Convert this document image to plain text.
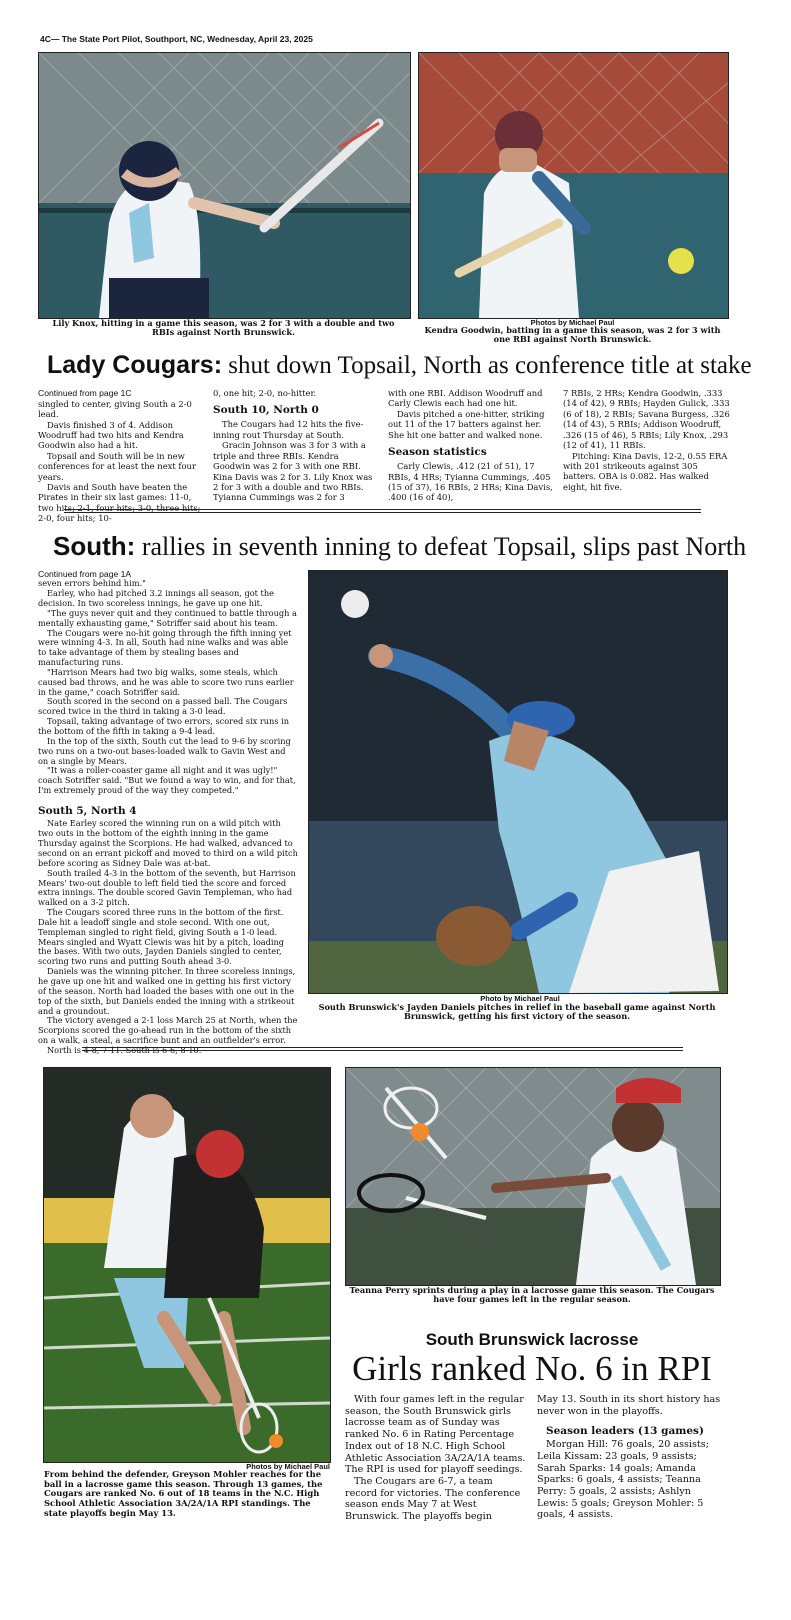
4C— The State Port Pilot, Southport, NC, Wednesday, April 23, 2025
Photos by Michael Paul
Lily Knox, hitting in a game this season, was 2 for 3 with a double and two RBIs against North Brunswick.	Kendra Goodwin, batting in a game this season, was 2 for 3 with one RBI against North Brunswick.
Lady Cougars: shut down Topsail, North as conference title at stake

Continued from page 1C

singled to center, giving South a 2-0 lead.

Davis finished 3 of 4. Addison Woodruff had two hits and Kendra Goodwin also had a hit.

Topsail and South will be in new conferences for at least the next four years.

Davis and South have beaten the Pirates in their six last games: 11-0, two hits; 2-1, four hits; 3-0, three hits; 2-0, four hits; 10-

0, one hit; 2-0, no-hitter.

South 10, North 0

The Cougars had 12 hits the five-inning rout Thursday at South.

Gracin Johnson was 3 for 3 with a triple and three RBIs. Kendra Goodwin was 2 for 3 with one RBI. Kina Davis was 2 for 3. Lily Knox was 2 for 3 with a double and two RBIs. Tyianna Cummings was 2 for 3

with one RBI. Addison Woodruff and Carly Clewis each had one hit.

Davis pitched a one-hitter, striking out 11 of the 17 batters against her. She hit one batter and walked none.

Season statistics

Carly Clewis, .412 (21 of 51), 17 RBIs, 4 HRs; Tyianna Cummings, .405 (15 of 37), 16 RBIs, 2 HRs; Kina Davis, .400 (16 of 40),

7 RBIs, 2 HRs; Kendra Goodwin, .333 (14 of 42), 9 RBIs; Hayden Gulick, .333 (6 of 18), 2 RBIs; Savana Burgess, .326 (14 of 43), 5 RBIs; Addison Woodruff, .326 (15 of 46), 5 RBIs; Lily Knox, .293 (12 of 41), 11 RBIs.

Pitching: Kina Davis, 12-2, 0.55 ERA with 201 strikeouts against 305 batters. OBA is 0.082. Has walked eight, hit five.

South: rallies in seventh inning to defeat Topsail, slips past North

Continued from page 1A

seven errors behind him."

Earley, who had pitched 3.2 innings all season, got the decision. In two scoreless innings, he gave up one hit.

"The guys never quit and they continued to battle through a mentally exhausting game," Sotriffer said about his team.

The Cougars were no-hit going through the fifth inning yet were winning 4-3. In all, South had nine walks and was able to take advantage of them by stealing bases and manufacturing runs.

"Harrison Mears had two big walks, some steals, which caused bad throws, and he was able to score two runs earlier in the game," coach Sotriffer said.

South scored in the second on a passed ball. The Cougars scored twice in the third in taking a 3-0 lead.

Topsail, taking advantage of two errors, scored six runs in the bottom of the fifth in taking a 9-4 lead.

In the top of the sixth, South cut the lead to 9-6 by scoring two runs on a two-out bases-loaded walk to Gavin West and on a single by Mears.

"It was a roller-coaster game all night and it was ugly!" coach Sotriffer said. "But we found a way to win, and for that, I'm extremely proud of the way they competed."

South 5, North 4

Nate Earley scored the winning run on a wild pitch with two outs in the bottom of the eighth inning in the game Thursday against the Scorpions. He had walked, advanced to second on an errant pickoff and moved to third on a wild pitch before scoring as Sidney Dale was at-bat.

South trailed 4-3 in the bottom of the seventh, but Harrison Mears' two-out double to left field tied the score and forced extra innings. The double scored Gavin Templeman, who had walked on a 3-2 pitch.

The Cougars scored three runs in the bottom of the first. Dale hit a leadoff single and stole second. With one out, Templeman singled to right field, giving South a 1-0 lead. Mears singled and Wyatt Clewis was hit by a pitch, loading the bases. With two outs, Jayden Daniels singled to center, scoring two runs and putting South ahead 3-0.

Daniels was the winning pitcher. In three scoreless innings, he gave up one hit and walked one in getting his first victory of the season. North had loaded the bases with one out in the top of the sixth, but Daniels ended the inning with a strikeout and a groundout.

The victory avenged a 2-1 loss March 25 at North, when the Scorpions scored the go-ahead run in the bottom of the sixth on a walk, a steal, a sacrifice bunt and an outfielder's error.

North is 4-8, 7-11. South is 6-6, 8-10.

Photo by Michael Paul
South Brunswick's Jayden Daniels pitches in relief in the baseball game against North Brunswick, getting his first victory of the season.
Teanna Perry sprints during a play in a lacrosse game this season. The Cougars have four games left in the regular season.
South Brunswick lacrosse
Girls ranked No. 6 in RPI
Photos by Michael Paul
From behind the defender, Greyson Mohler reaches for the ball in a lacrosse game this season. Through 13 games, the Cougars are ranked No. 6 out of 18 teams in the N.C. High School Athletic Association 3A/2A/1A RPI standings. The state playoffs begin May 13.

With four games left in the regular season, the South Brunswick girls lacrosse team as of Sunday was ranked No. 6 in Rating Percentage Index out of 18 N.C. High School Athletic Association 3A/2A/1A teams. The RPI is used for playoff seedings.

The Cougars are 6-7, a team record for victories. The conference season ends May 7 at West Brunswick. The playoffs begin

May 13. South in its short history has never won in the playoffs.

Season leaders (13 games)

Morgan Hill: 76 goals, 20 assists; Leila Kissam: 23 goals, 9 assists; Sarah Sparks: 14 goals; Amanda Sparks: 6 goals, 4 assists; Teanna Perry: 5 goals, 2 assists; Ashlyn Lewis: 5 goals; Greyson Mohler: 5 goals, 4 assists.
